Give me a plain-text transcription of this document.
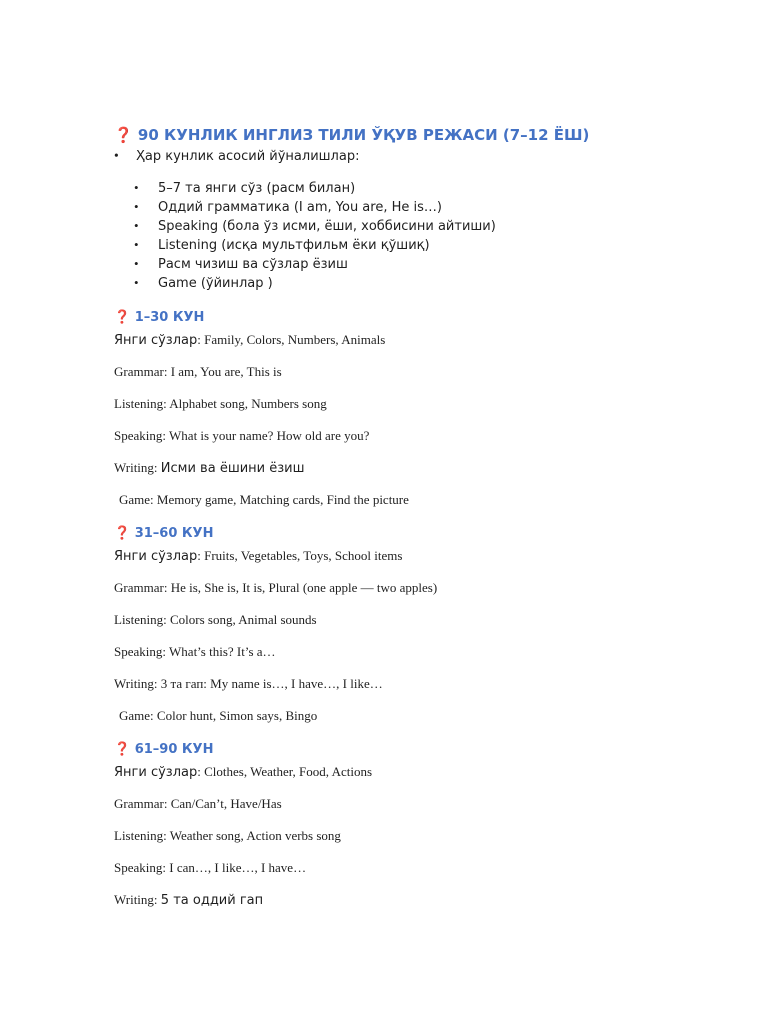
❓ 90 КУНЛИК ИНГЛИЗ ТИЛИ ЎҚУВ РЕЖАСИ (7–12 ЁШ)
• Ҳар кунлик асосий йўналишлар:
• 5–7 та янги сўз (расм билан)
• Оддий грамматика (I am, You are, He is…)
• Speaking (бола ўз исми, ёши, хоббисини айтиши)
• Listening (исқа мультфильм ёки қўшиқ)
• Расм чизиш ва сўзлар ёзиш
• Game (ўйинлар )
❓ 1–30 КУН
Янги сўзлар: Family, Colors, Numbers, Animals
Grammar: I am, You are, This is
Listening: Alphabet song, Numbers song
Speaking: What is your name? How old are you?
Writing: Исми ва ёшини ёзиш
Game: Memory game, Matching cards, Find the picture
❓ 31–60 КУН
Янги сўзлар: Fruits, Vegetables, Toys, School items
Grammar: He is, She is, It is, Plural (one apple — two apples)
Listening: Colors song, Animal sounds
Speaking: What’s this? It’s a…
Writing: 3 та гап: My name is…, I have…, I like…
Game: Color hunt, Simon says, Bingo
❓ 61–90 КУН
Янги сўзлар: Clothes, Weather, Food, Actions
Grammar: Can/Can’t, Have/Has
Listening: Weather song, Action verbs song
Speaking: I can…, I like…, I have…
Writing: 5 та оддий гап
